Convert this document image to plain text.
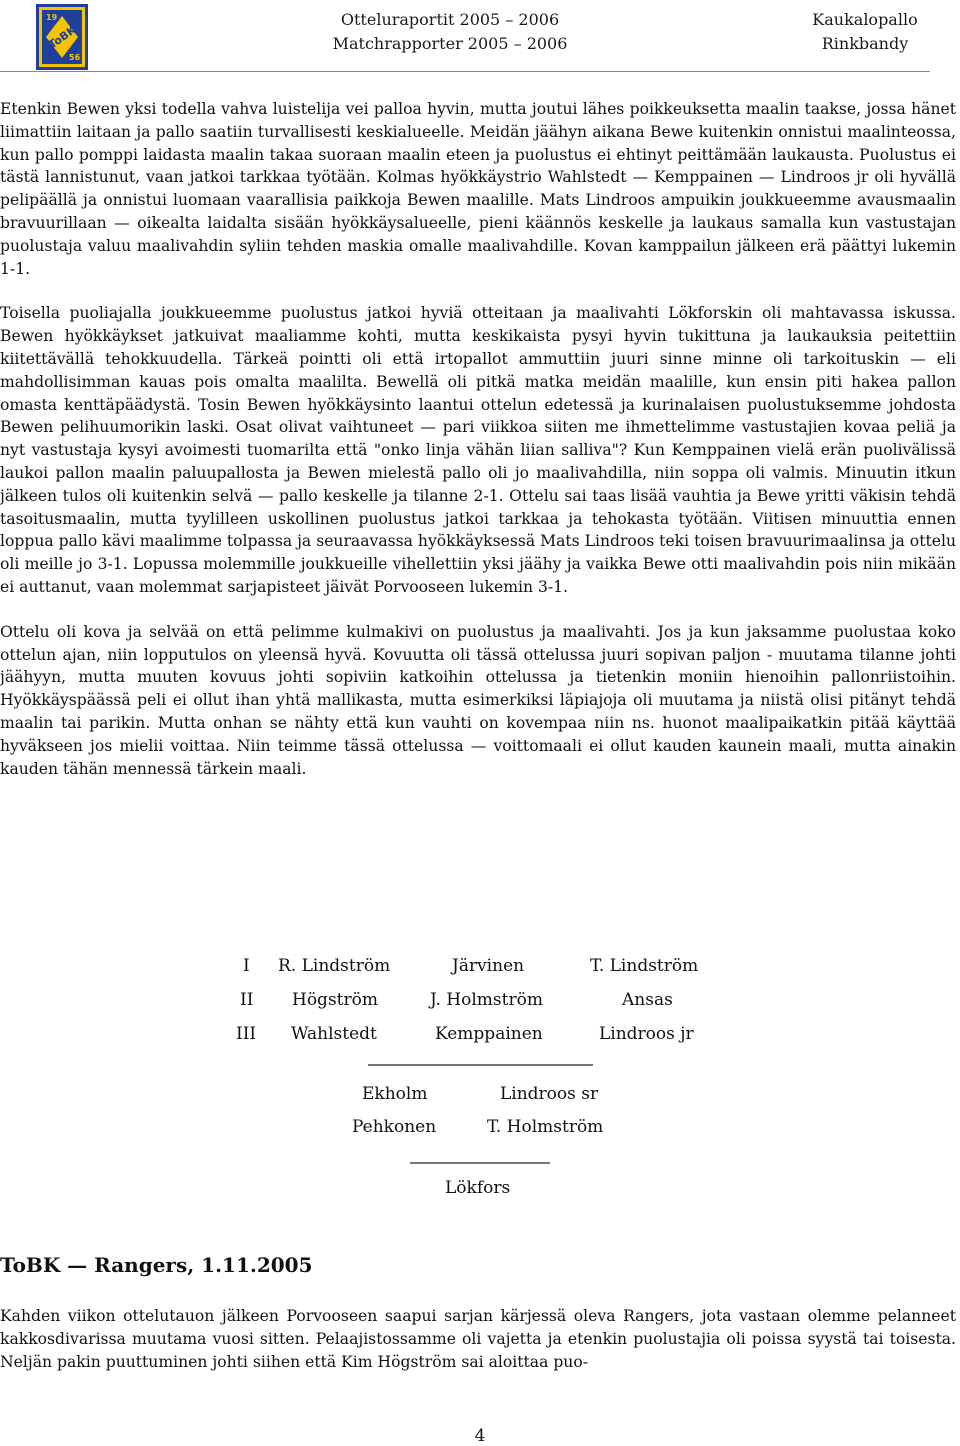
19
56
ToBK
Otteluraportit 2005 – 2006
Matchrapporter 2005 – 2006
Kaukalopallo
Rinkbandy

Etenkin Bewen yksi todella vahva luistelija vei palloa hyvin, mutta joutui lähes poikkeuksetta maalin taakse, jossa hänet liimattiin laitaan ja pallo saatiin turvallisesti keskialueelle. Meidän jäähyn aikana Bewe kuitenkin onnistui maalinteossa, kun pallo pomppi laidasta maalin takaa suoraan maalin eteen ja puolustus ei ehtinyt peittämään laukausta. Puolustus ei tästä lannistunut, vaan jatkoi tarkkaa työtään. Kolmas hyökkäystrio Wahlstedt — Kemppainen — Lindroos jr oli hyvällä pelipäällä ja onnistui luomaan vaarallisia paikkoja Bewen maalille. Mats Lindroos ampuikin joukkueemme avausmaalin bravuurillaan — oikealta laidalta sisään hyökkäysalueelle, pieni käännös keskelle ja laukaus samalla kun vastustajan puolustaja valuu maalivahdin syliin tehden maskia omalle maalivahdille. Kovan kamppailun jälkeen erä päättyi lukemin 1-1.

Toisella puoliajalla joukkueemme puolustus jatkoi hyviä otteitaan ja maalivahti Lökforskin oli mahtavassa iskussa. Bewen hyökkäykset jatkuivat maaliamme kohti, mutta keskikaista pysyi hyvin tukittuna ja laukauksia peitettiin kiitettävällä tehokkuudella. Tärkeä pointti oli että irtopallot ammuttiin juuri sinne minne oli tarkoituskin — eli mahdollisimman kauas pois omalta maalilta. Bewellä oli pitkä matka meidän maalille, kun ensin piti hakea pallon omasta kenttäpäädystä. Tosin Bewen hyökkäysinto laantui ottelun edetessä ja kurinalaisen puolustuksemme johdosta Bewen pelihuumorikin laski. Osat olivat vaihtuneet — pari viikkoa siiten me ihmettelimme vastustajien kovaa peliä ja nyt vastustaja kysyi avoimesti tuomarilta että "onko linja vähän liian salliva"? Kun Kemppainen vielä erän puolivälissä laukoi pallon maalin paluupallosta ja Bewen mielestä pallo oli jo maalivahdilla, niin soppa oli valmis. Minuutin itkun jälkeen tulos oli kuitenkin selvä — pallo keskelle ja tilanne 2-1. Ottelu sai taas lisää vauhtia ja Bewe yritti väkisin tehdä tasoitusmaalin, mutta tyylilleen uskollinen puolustus jatkoi tarkkaa ja tehokasta työtään. Viitisen minuuttia ennen loppua pallo kävi maalimme tolpassa ja seuraavassa hyökkäyksessä Mats Lindroos teki toisen bravuurimaalinsa ja ottelu oli meille jo 3-1. Lopussa molemmille joukkueille vihellettiin yksi jäähy ja vaikka Bewe otti maalivahdin pois niin mikään ei auttanut, vaan molemmat sarjapisteet jäivät Porvooseen lukemin 3-1.

Ottelu oli kova ja selvää on että pelimme kulmakivi on puolustus ja maalivahti. Jos ja kun jaksamme puolustaa koko ottelun ajan, niin lopputulos on yleensä hyvä. Kovuutta oli tässä ottelussa juuri sopivan paljon - muutama tilanne johti jäähyyn, mutta muuten kovuus johti sopiviin katkoihin ottelussa ja tietenkin moniin hienoihin pallonriistoihin. Hyökkäyspäässä peli ei ollut ihan yhtä mallikasta, mutta esimerkiksi läpiajoja oli muutama ja niistä olisi pitänyt tehdä maalin tai parikin. Mutta onhan se nähty että kun vauhti on kovempaa niin ns. huonot maalipaikatkin pitää käyttää hyväkseen jos mielii voittaa. Niin teimme tässä ottelussa — voittomaali ei ollut kauden kaunein maali, mutta ainakin kauden tähän mennessä tärkein maali.

I R. Lindström	Järvinen	T. Lindström
II Högström	J. Holmström	Ansas
III Wahlstedt	Kemppainen	Lindroos jr
Ekholm	Lindroos sr
Pehkonen	T. Holmström
Lökfors
ToBK — Rangers, 1.11.2005

Kahden viikon ottelutauon jälkeen Porvooseen saapui sarjan kärjessä oleva Rangers, jota vastaan olemme pelanneet kakkosdivarissa muutama vuosi sitten. Pelaajistossamme oli vajetta ja etenkin puolustajia oli poissa syystä tai toisesta. Neljän pakin puuttuminen johti siihen että Kim Högström sai aloittaa puo-

4
